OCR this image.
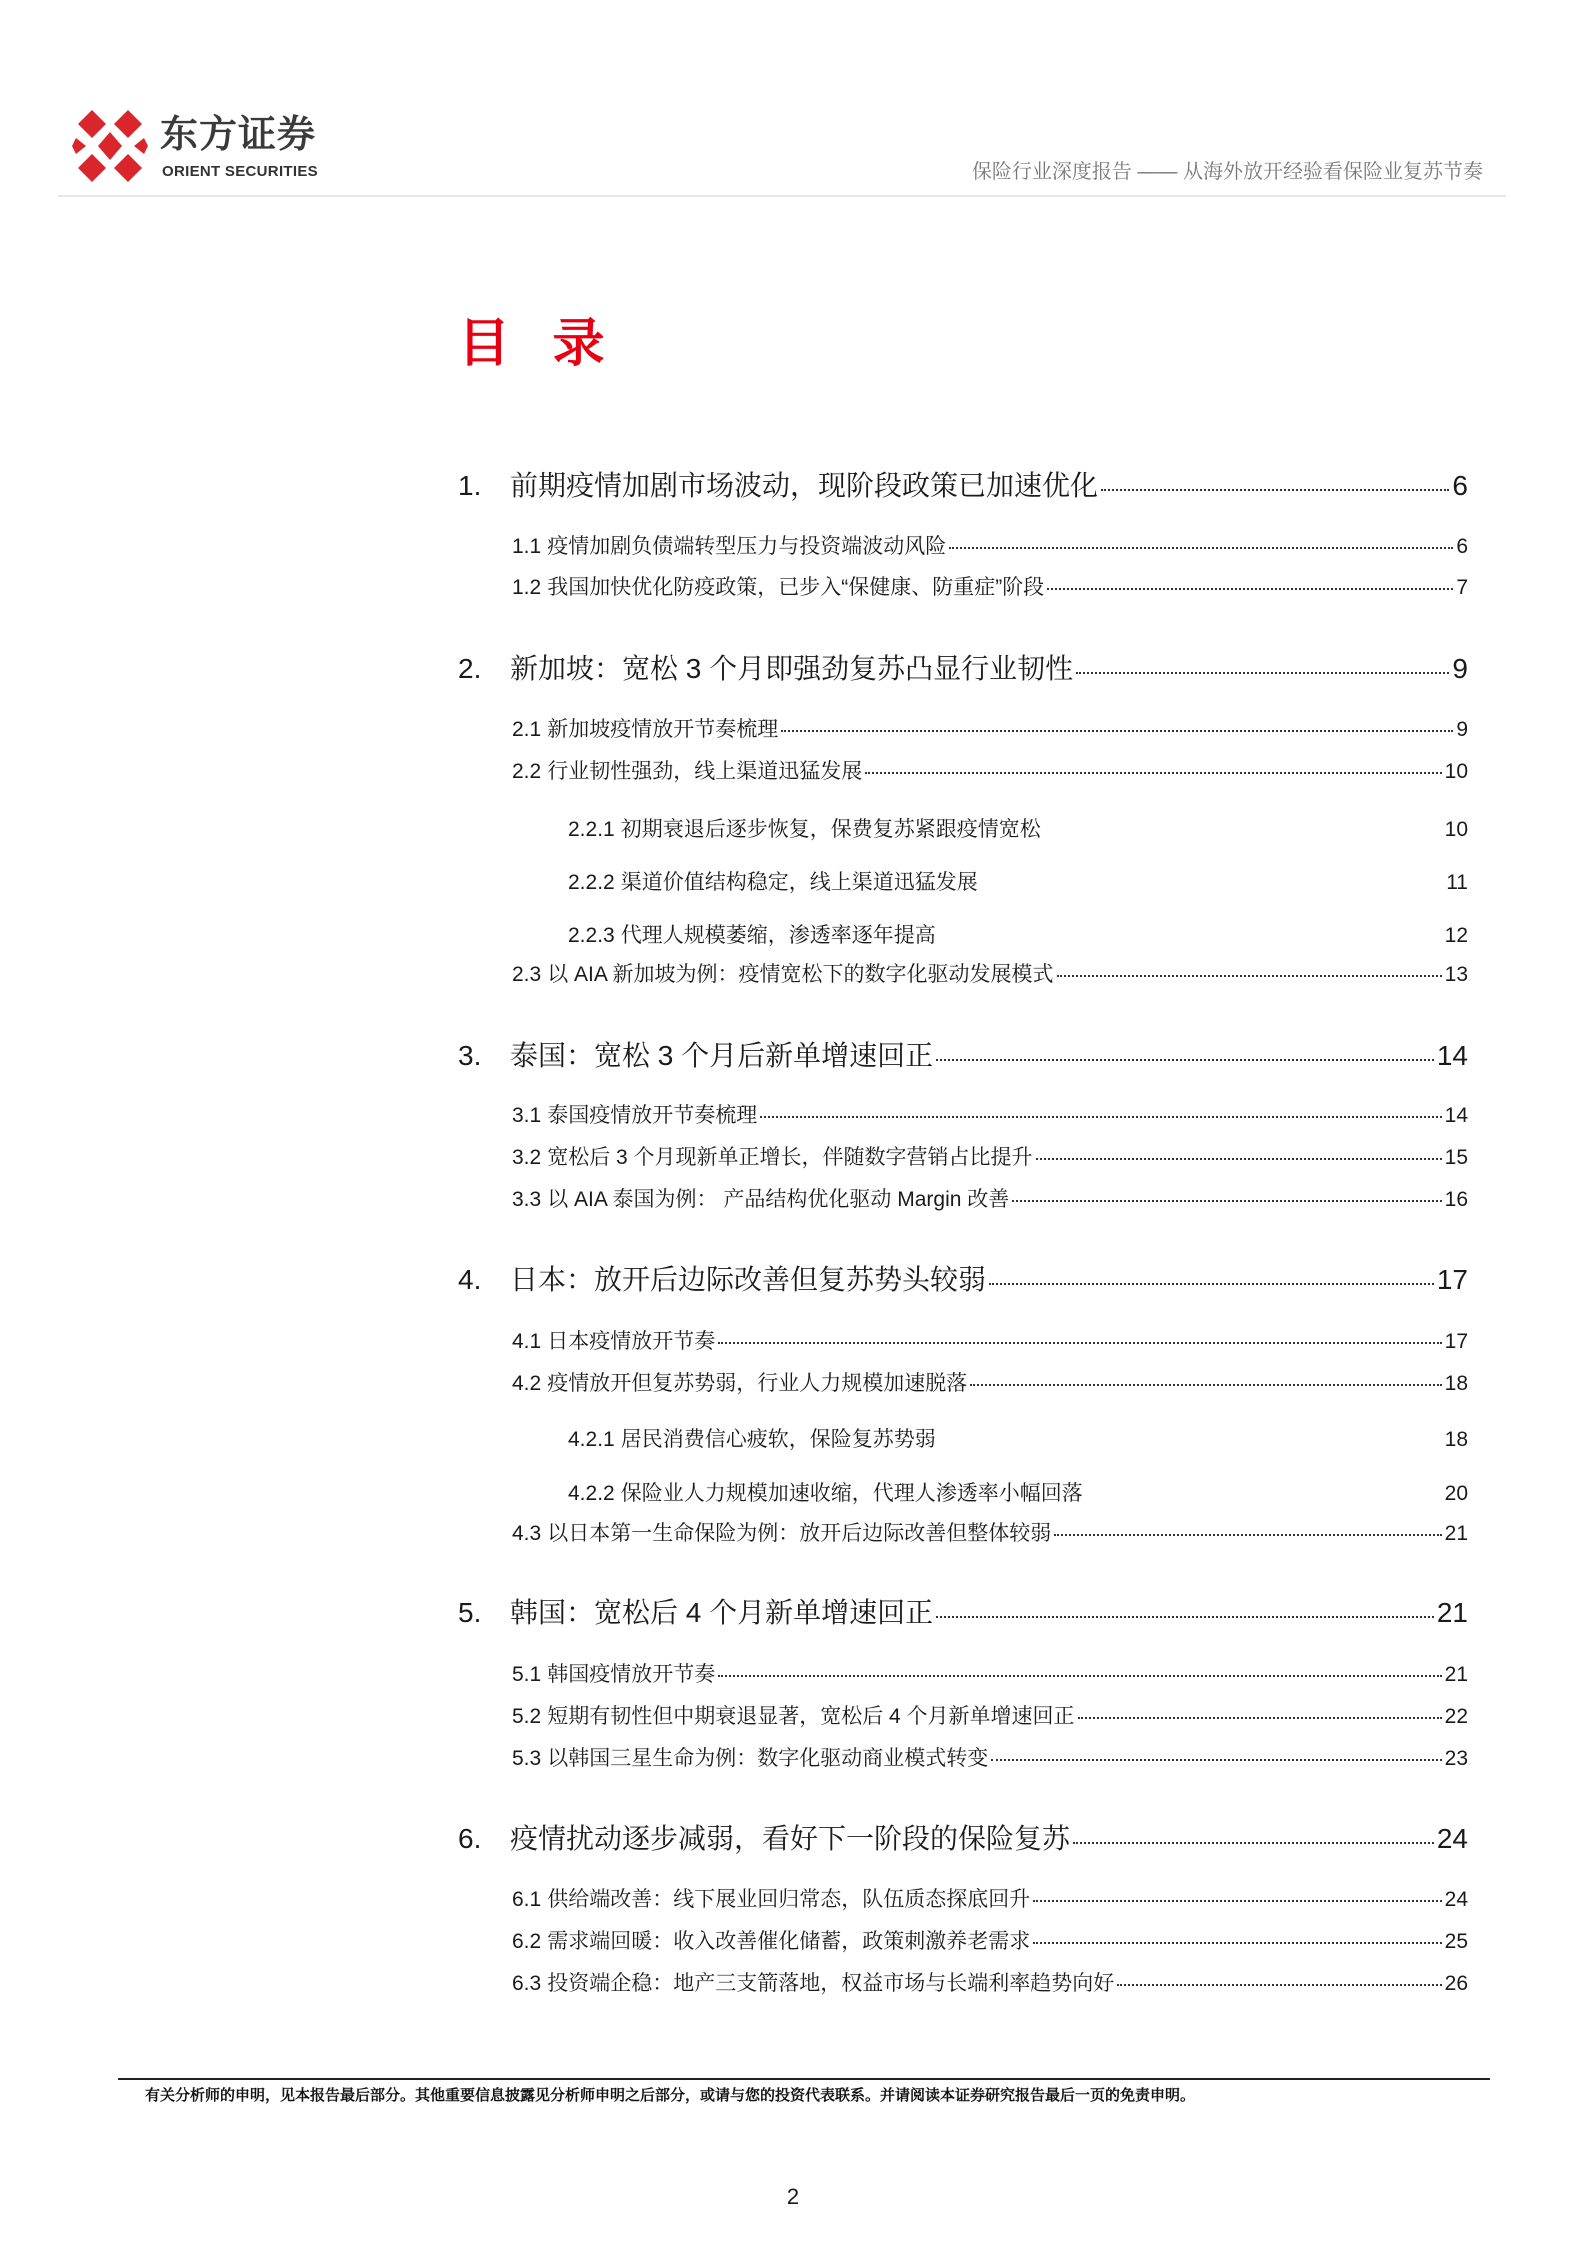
东方证券
ORIENT SECURITIES	保险行业深度报告 —— 从海外放开经验看保险业复苏节奏
目 录
1.	前期疫情加剧市场波动，现阶段政策已加速优化	6
1.1 疫情加剧负债端转型压力与投资端波动风险	6
1.2 我国加快优化防疫政策，已步入“保健康、防重症”阶段	7
2.	新加坡：宽松 3 个月即强劲复苏凸显行业韧性	9
2.1 新加坡疫情放开节奏梳理	9
2.2 行业韧性强劲，线上渠道迅猛发展	10
2.2.1 初期衰退后逐步恢复，保费复苏紧跟疫情宽松	10
2.2.2 渠道价值结构稳定，线上渠道迅猛发展	11
2.2.3 代理人规模萎缩，渗透率逐年提高	12
2.3 以 AIA 新加坡为例：疫情宽松下的数字化驱动发展模式	13
3.	泰国：宽松 3 个月后新单增速回正	14
3.1 泰国疫情放开节奏梳理	14
3.2 宽松后 3 个月现新单正增长，伴随数字营销占比提升	15
3.3 以 AIA 泰国为例： 产品结构优化驱动 Margin 改善	16
4.	日本：放开后边际改善但复苏势头较弱	17
4.1 日本疫情放开节奏	17
4.2 疫情放开但复苏势弱，行业人力规模加速脱落	18
4.2.1 居民消费信心疲软，保险复苏势弱	18
4.2.2 保险业人力规模加速收缩，代理人渗透率小幅回落	20
4.3 以日本第一生命保险为例：放开后边际改善但整体较弱	21
5.	韩国：宽松后 4 个月新单增速回正	21
5.1 韩国疫情放开节奏	21
5.2 短期有韧性但中期衰退显著，宽松后 4 个月新单增速回正	22
5.3 以韩国三星生命为例：数字化驱动商业模式转变	23
6.	疫情扰动逐步减弱，看好下一阶段的保险复苏	24
6.1 供给端改善：线下展业回归常态，队伍质态探底回升	24
6.2 需求端回暖：收入改善催化储蓄，政策刺激养老需求	25
6.3 投资端企稳：地产三支箭落地，权益市场与长端利率趋势向好	26
有关分析师的申明，见本报告最后部分。其他重要信息披露见分析师申明之后部分，或请与您的投资代表联系。并请阅读本证券研究报告最后一页的免责申明。
2
